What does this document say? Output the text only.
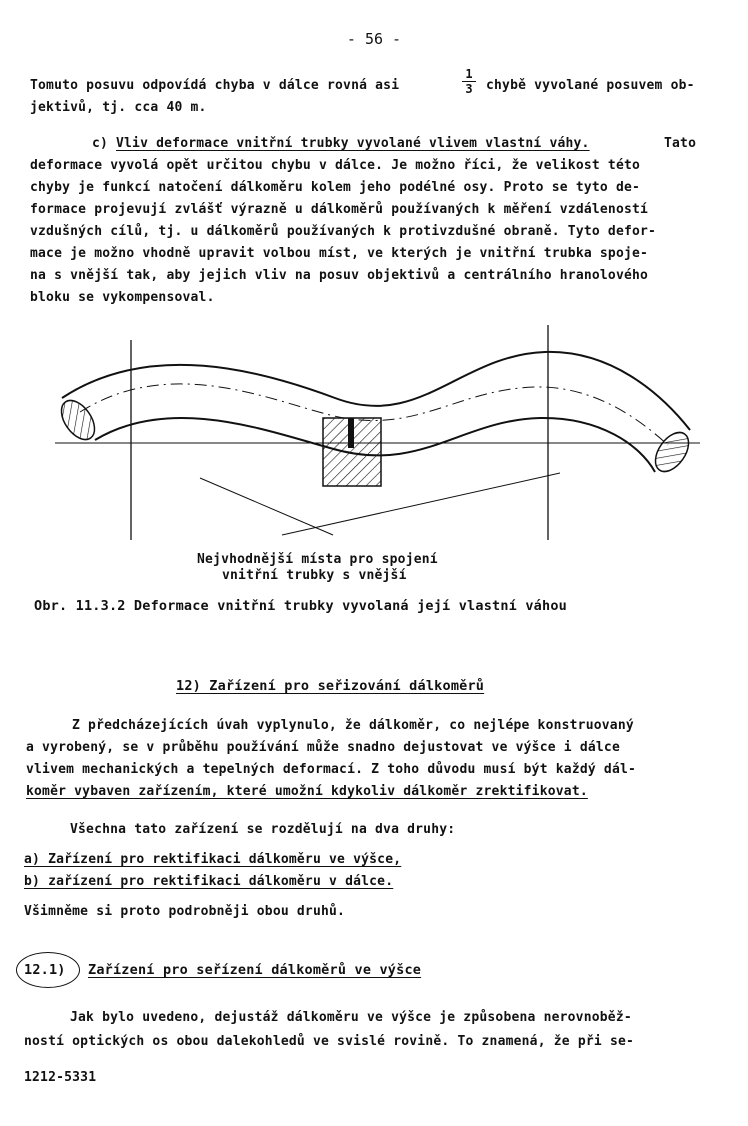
- 56 -
Tomuto posuvu odpovídá chyba v dálce rovná asi	$\frac{1}{3}$ chybě vyvolané posuvem ob-
jektivů, tj. cca 40 m.
c) Vliv deformace vnitřní trubky vyvolané vlivem vlastní váhy.	Tato
deformace vyvolá opět určitou chybu v dálce. Je možno říci, že velikost této
chyby je funkcí natočení dálkoměru kolem jeho podélné osy. Proto se tyto de-
formace projevují zvlášť výrazně u dálkoměrů používaných k měření vzdáleností
vzdušných cílů, tj. u dálkoměrů používaných k protivzdušné obraně. Tyto defor-
mace je možno vhodně upravit volbou míst, ve kterých je vnitřní trubka spoje-
na s vnější tak, aby jejich vliv na posuv objektivů a centrálního hranolového
bloku se vykompensoval.
Nejvhodnější místa pro spojení
vnitřní trubky s vnější
Obr. 11.3.2 Deformace vnitřní trubky vyvolaná její vlastní váhou
12) Zařízení pro seřizování dálkoměrů
Z předcházejících úvah vyplynulo, že dálkoměr, co nejlépe konstruovaný
a vyrobený, se v průběhu používání může snadno dejustovat ve výšce i dálce
vlivem mechanických a tepelných deformací. Z toho důvodu musí být každý dál-
koměr vybaven zařízením, které umožní kdykoliv dálkoměr zrektifikovat.
Všechna tato zařízení se rozdělují na dva druhy:
a) Zařízení pro rektifikaci dálkoměru ve výšce,
b) zařízení pro rektifikaci dálkoměru v dálce.
Všimněme si proto podrobněji obou druhů.
12.1) Zařízení pro seřízení dálkoměrů ve výšce
Jak bylo uvedeno, dejustáž dálkoměru ve výšce je způsobena nerovnoběž-
ností optických os obou dalekohledů ve svislé rovině. To znamená, že při se-
1212-5331
